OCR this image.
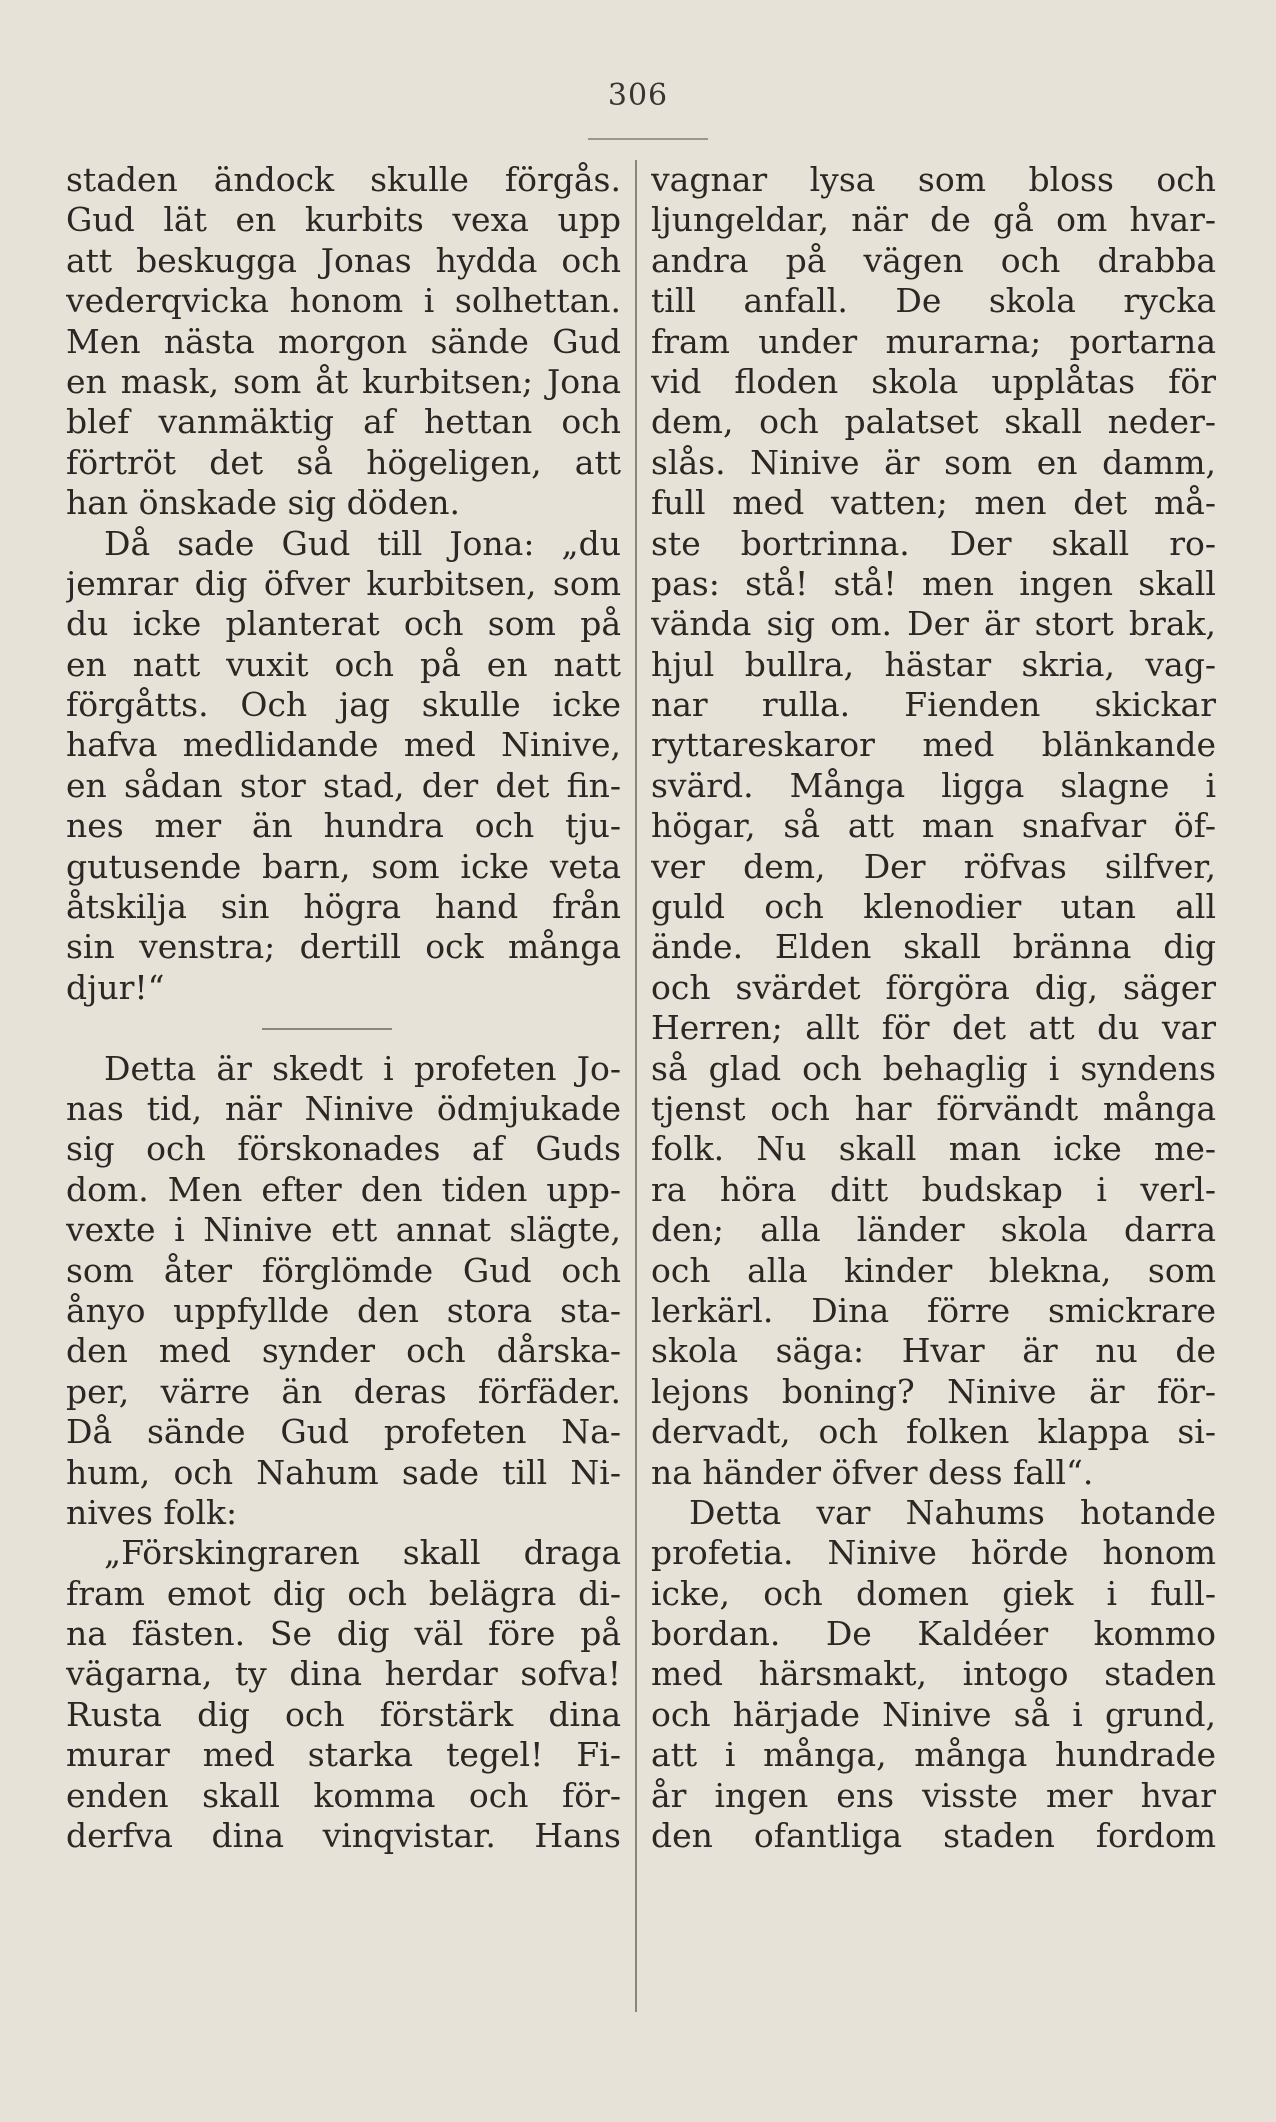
306
staden ändock skulle förgås.
Gud lät en kurbits vexa upp
att beskugga Jonas hydda och
vederqvicka honom i solhettan.
Men nästa morgon sände Gud
en mask, som åt kurbitsen; Jona
blef vanmäktig af hettan och
förtröt det så högeligen, att
han önskade sig döden.
Då sade Gud till Jona: „du
jemrar dig öfver kurbitsen, som
du icke planterat och som på
en natt vuxit och på en natt
förgåtts. Och jag skulle icke
hafva medlidande med Ninive,
en sådan stor stad, der det fin-
nes mer än hundra och tju-
gutusende barn, som icke veta
åtskilja sin högra hand från
sin venstra; dertill ock många
djur!“
Detta är skedt i profeten Jo-
nas tid, när Ninive ödmjukade
sig och förskonades af Guds
dom. Men efter den tiden upp-
vexte i Ninive ett annat slägte,
som åter förglömde Gud och
ånyo uppfyllde den stora sta-
den med synder och dårska-
per, värre än deras förfäder.
Då sände Gud profeten Na-
hum, och Nahum sade till Ni-
nives folk:
„Förskingraren skall draga
fram emot dig och belägra di-
na fästen. Se dig väl före på
vägarna, ty dina herdar sofva!
Rusta dig och förstärk dina
murar med starka tegel! Fi-
enden skall komma och för-
derfva dina vinqvistar. Hans
vagnar lysa som bloss och
ljungeldar, när de gå om hvar-
andra på vägen och drabba
till anfall. De skola rycka
fram under murarna; portarna
vid floden skola upplåtas för
dem, och palatset skall neder-
slås. Ninive är som en damm,
full med vatten; men det må-
ste bortrinna. Der skall ro-
pas: stå! stå! men ingen skall
vända sig om. Der är stort brak,
hjul bullra, hästar skria, vag-
nar rulla. Fienden skickar
ryttareskaror med blänkande
svärd. Många ligga slagne i
högar, så att man snafvar öf-
ver dem, Der röfvas silfver,
guld och klenodier utan all
ände. Elden skall bränna dig
och svärdet förgöra dig, säger
Herren; allt för det att du var
så glad och behaglig i syndens
tjenst och har förvändt många
folk. Nu skall man icke me-
ra höra ditt budskap i verl-
den; alla länder skola darra
och alla kinder blekna, som
lerkärl. Dina förre smickrare
skola säga: Hvar är nu de
lejons boning? Ninive är för-
dervadt, och folken klappa si-
na händer öfver dess fall“.
Detta var Nahums hotande
profetia. Ninive hörde honom
icke, och domen giek i full-
bordan. De Kaldéer kommo
med härsmakt, intogo staden
och härjade Ninive så i grund,
att i många, många hundrade
år ingen ens visste mer hvar
den ofantliga staden fordom
